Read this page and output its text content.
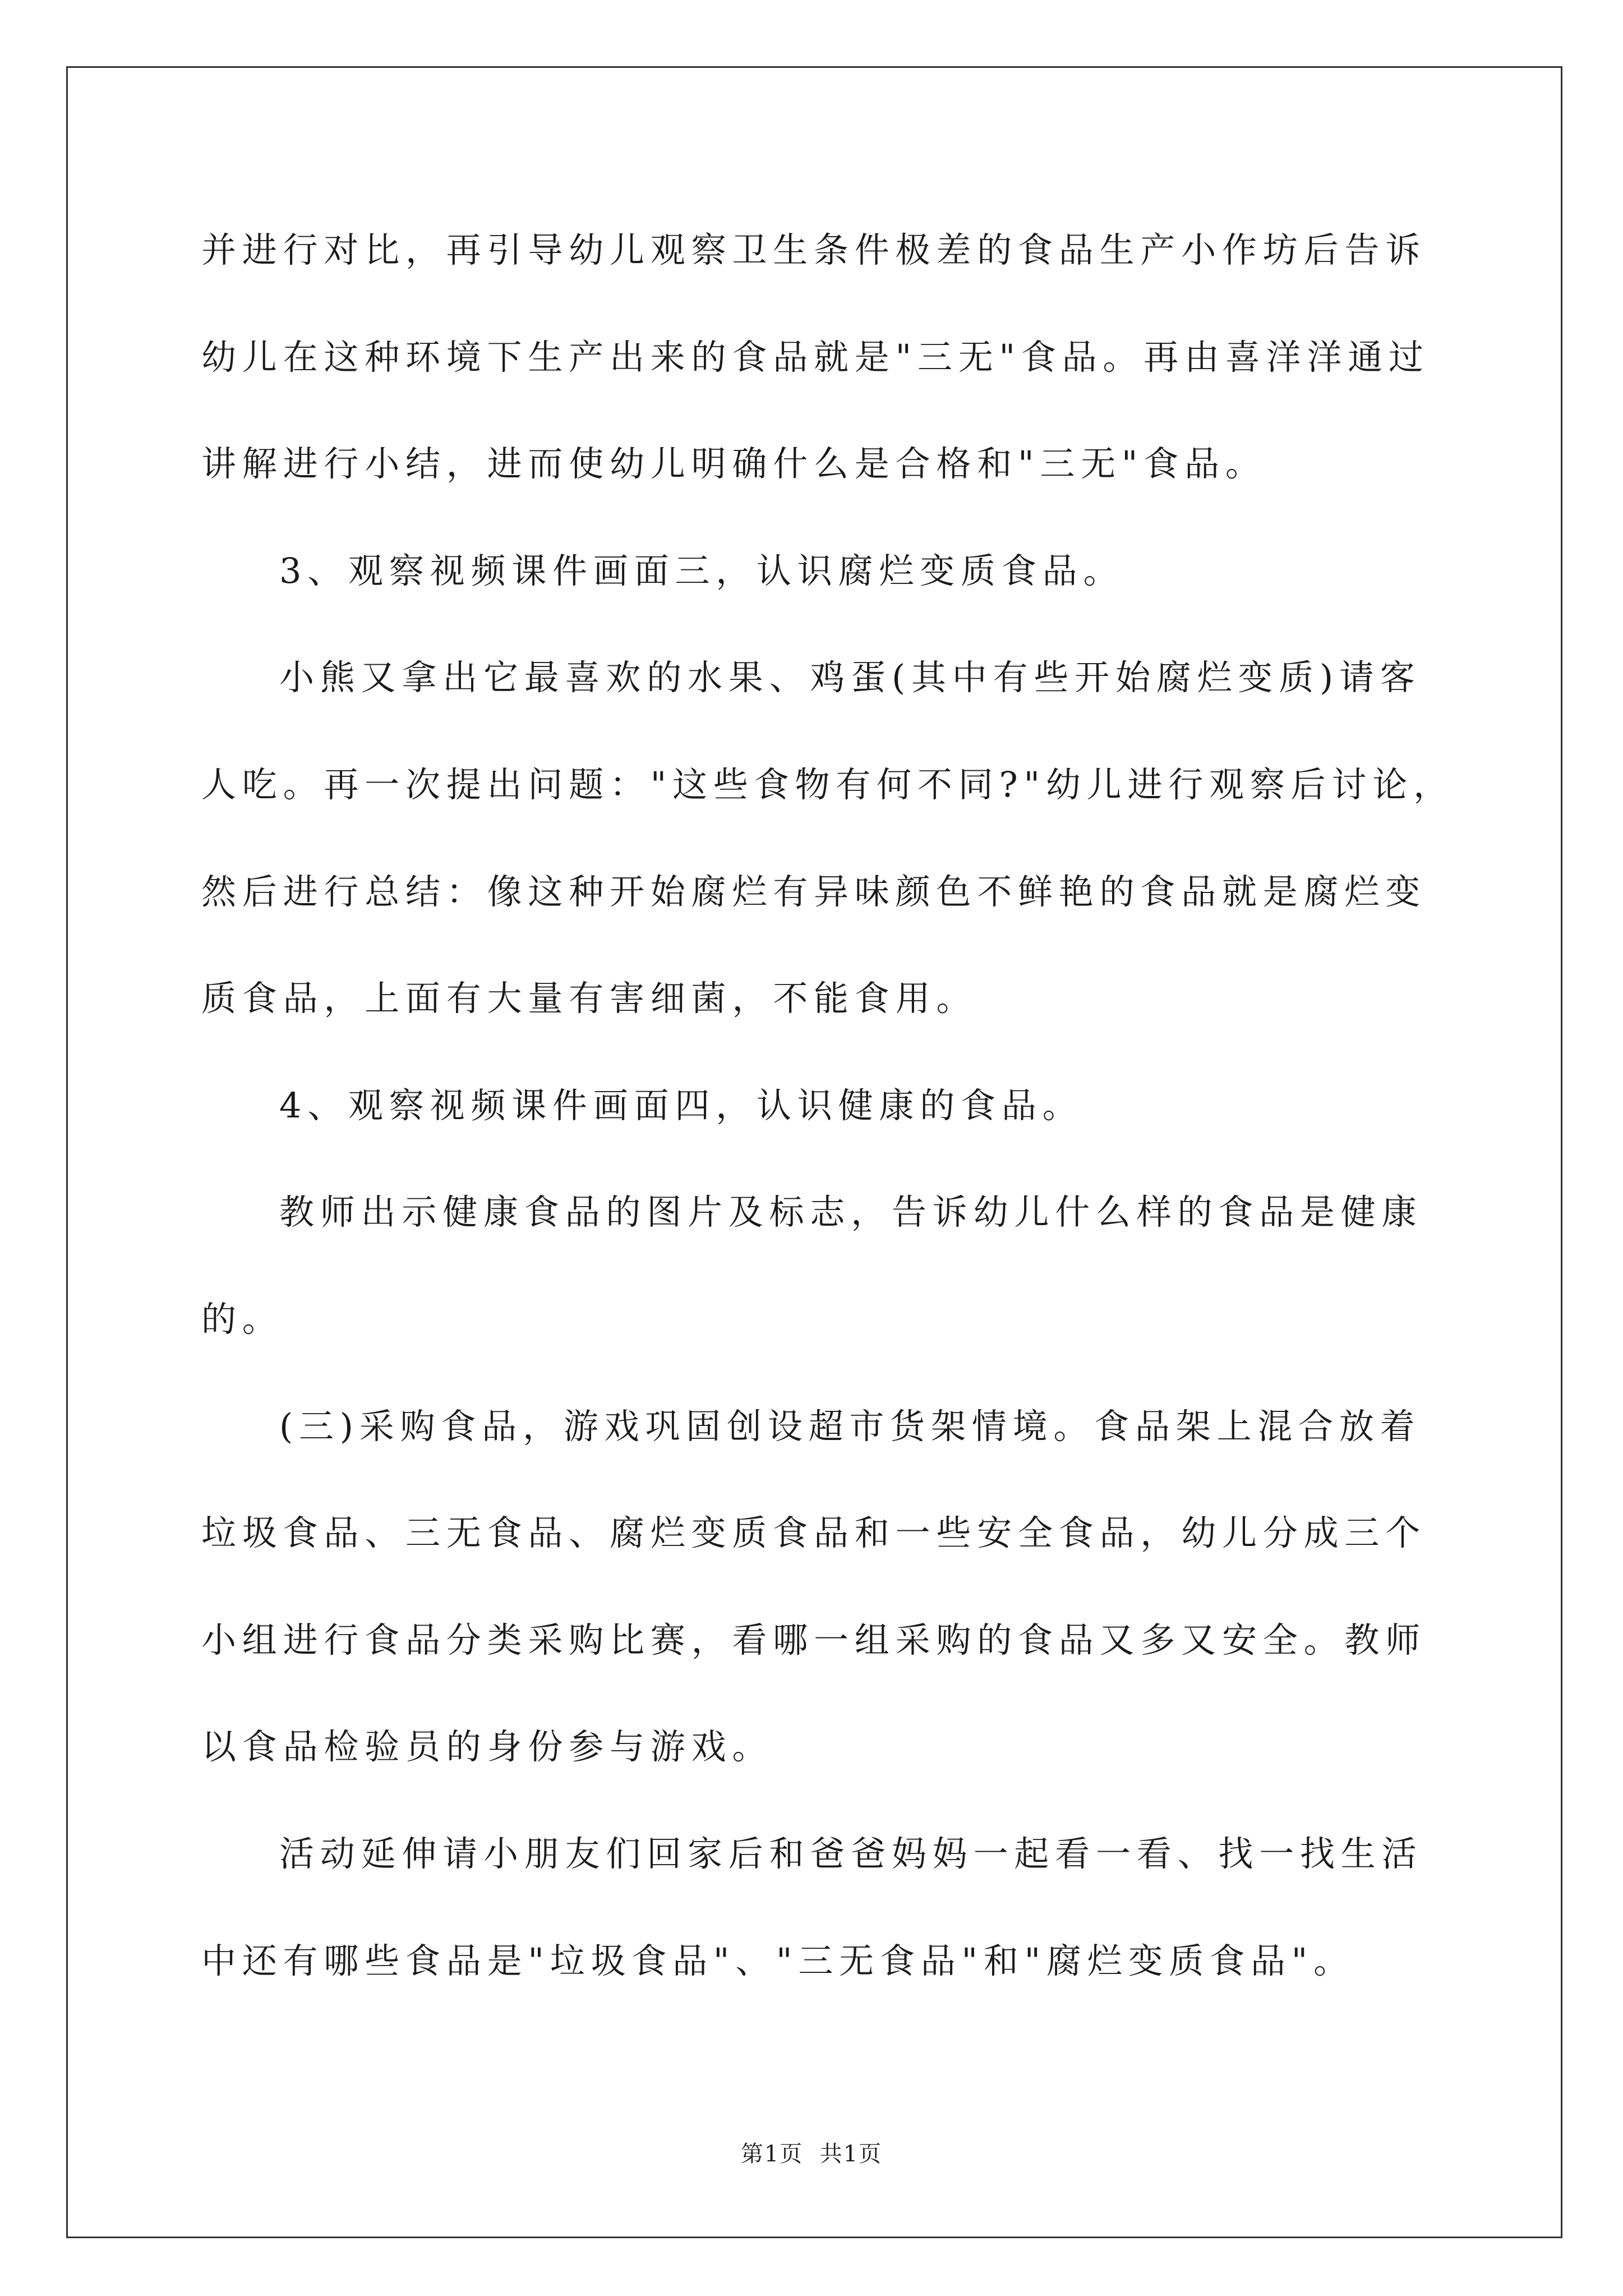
并进行对比，再引导幼儿观察卫生条件极差的食品生产小作坊后告诉
幼儿在这种环境下生产出来的食品就是"三无"食品。再由喜洋洋通过
讲解进行小结，进而使幼儿明确什么是合格和"三无"食品。
3、观察视频课件画面三，认识腐烂变质食品。
小熊又拿出它最喜欢的水果、鸡蛋(其中有些开始腐烂变质)请客
人吃。再一次提出问题："这些食物有何不同?"幼儿进行观察后讨论，
然后进行总结：像这种开始腐烂有异味颜色不鲜艳的食品就是腐烂变
质食品，上面有大量有害细菌，不能食用。
4、观察视频课件画面四，认识健康的食品。
教师出示健康食品的图片及标志，告诉幼儿什么样的食品是健康
的。
(三)采购食品，游戏巩固创设超市货架情境。食品架上混合放着
垃圾食品、三无食品、腐烂变质食品和一些安全食品，幼儿分成三个
小组进行食品分类采购比赛，看哪一组采购的食品又多又安全。教师
以食品检验员的身份参与游戏。
活动延伸请小朋友们回家后和爸爸妈妈一起看一看、找一找生活
中还有哪些食品是"垃圾食品"、"三无食品"和"腐烂变质食品"。
第1页  共1页
